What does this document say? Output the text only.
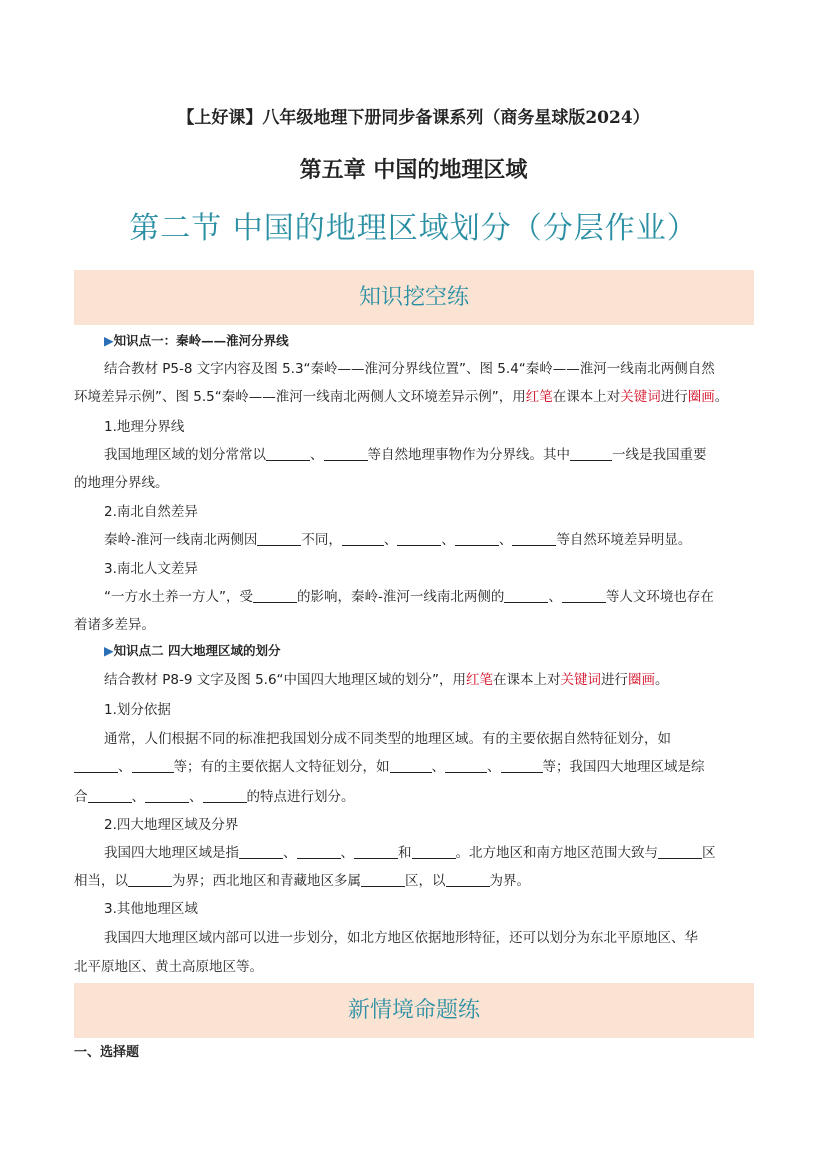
【上好课】八年级地理下册同步备课系列（商务星球版2024）
第五章 中国的地理区域
第二节 中国的地理区域划分（分层作业）
知识挖空练
▶知识点一：秦岭——淮河分界线
结合教材 P5-8 文字内容及图 5.3“秦岭——淮河分界线位置”、图 5.4“秦岭——淮河一线南北两侧自然
环境差异示例”、图 5.5“秦岭——淮河一线南北两侧人文环境差异示例”，用红笔在课本上对关键词进行圈画。
1.地理分界线
我国地理区域的划分常常以	、	等自然地理事物作为分界线。其中	一线是我国重要
的地理分界线。
2.南北自然差异
秦岭-淮河一线南北两侧因	不同，	、	、	、	等自然环境差异明显。
3.南北人文差异
“一方水土养一方人”，受	的影响，秦岭-淮河一线南北两侧的	、	等人文环境也存在
着诸多差异。
▶知识点二 四大地理区域的划分
结合教材 P8-9 文字及图 5.6“中国四大地理区域的划分”，用红笔在课本上对关键词进行圈画。
1.划分依据
通常，人们根据不同的标准把我国划分成不同类型的地理区域。有的主要依据自然特征划分，如
、	等；有的主要依据人文特征划分，如	、	、	等；我国四大地理区域是综
合	、	、	的特点进行划分。
2.四大地理区域及分界
我国四大地理区域是指	、	、	和	。北方地区和南方地区范围大致与	区
相当，以	为界；西北地区和青藏地区多属	区，以	为界。
3.其他地理区域
我国四大地理区域内部可以进一步划分，如北方地区依据地形特征，还可以划分为东北平原地区、华
北平原地区、黄土高原地区等。
新情境命题练
一、选择题
